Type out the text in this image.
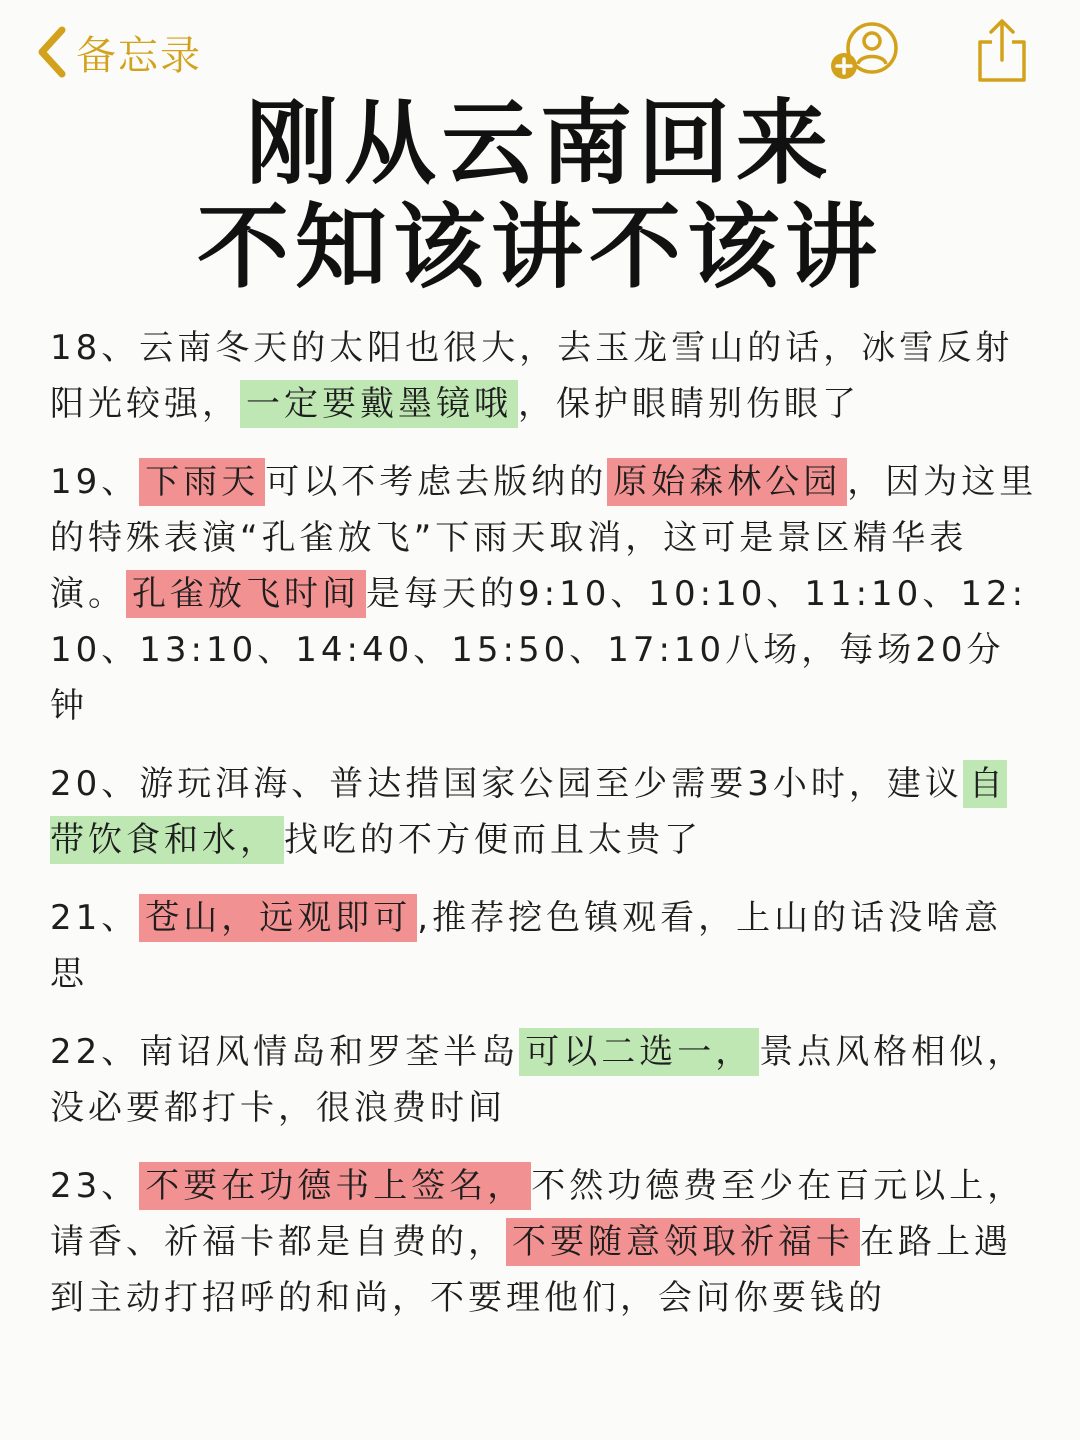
备忘录
刚从云南回来
不知该讲不该讲

18、云南冬天的太阳也很大，去玉龙雪山的话，冰雪反射阳光较强， 一定要戴墨镜哦 ，保护眼睛别伤眼了

19、 下雨天 可以不考虑去版纳的 原始森林公园 ，因为这里的特殊表演“孔雀放飞”下雨天取消，这可是景区精华表演。 孔雀放飞时间 是每天的9:10、10:10、11:10、12:10、13:10、14:40、15:50、17:10八场，每场20分钟

20、游玩洱海、普达措国家公园至少需要3小时，建议 自带饮食和水， 找吃的不方便而且太贵了

21、 苍山，远观即可 ,推荐挖色镇观看，上山的话没啥意思

22、南诏风情岛和罗荃半岛 可以二选一， 景点风格相似，没必要都打卡，很浪费时间

23、 不要在功德书上签名， 不然功德费至少在百元以上，请香、祈福卡都是自费的， 不要随意领取祈福卡 在路上遇到主动打招呼的和尚，不要理他们，会问你要钱的
